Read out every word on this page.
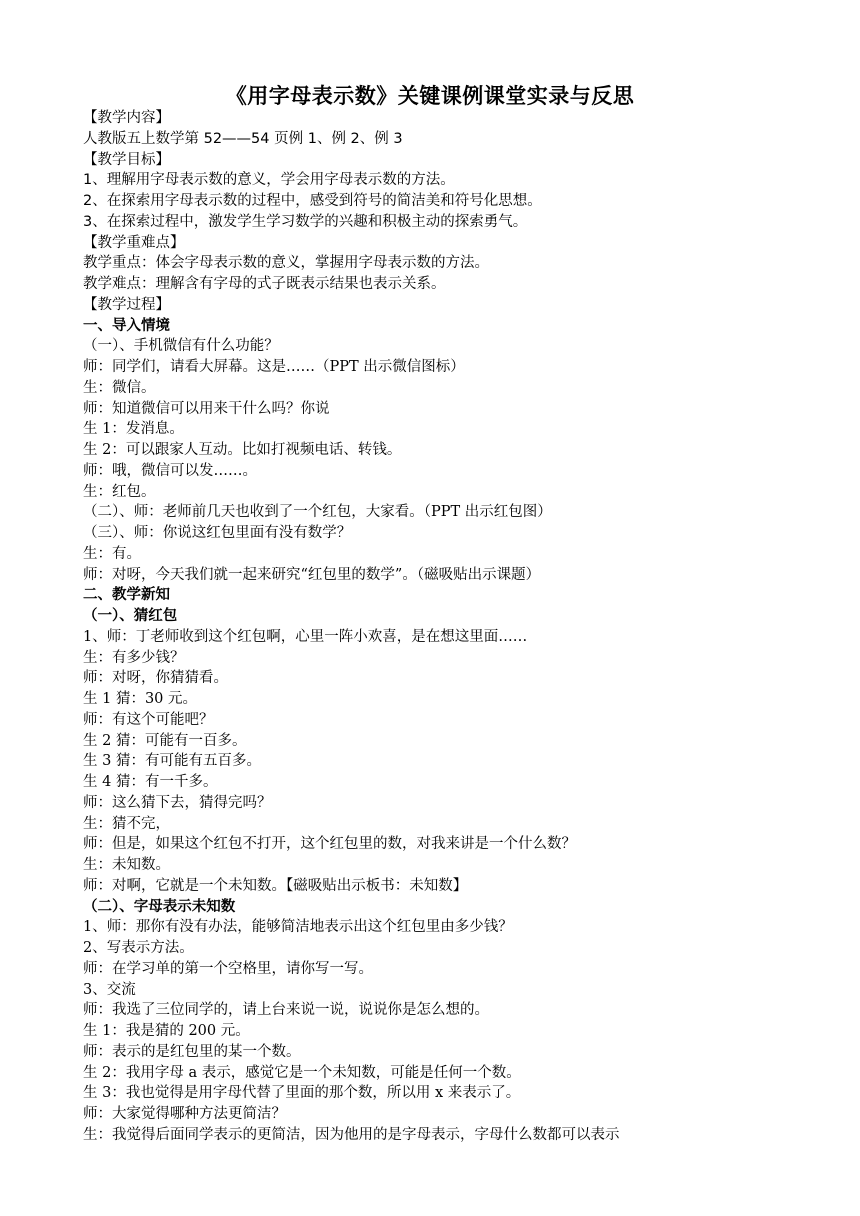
《用字母表示数》关键课例课堂实录与反思
【教学内容】
人教版五上数学第 52——54 页例 1、例 2、例 3
【教学目标】
1、理解用字母表示数的意义，学会用字母表示数的方法。
2、在探索用字母表示数的过程中，感受到符号的简洁美和符号化思想。
3、在探索过程中，激发学生学习数学的兴趣和积极主动的探索勇气。
【教学重难点】
教学重点：体会字母表示数的意义，掌握用字母表示数的方法。
教学难点：理解含有字母的式子既表示结果也表示关系。
【教学过程】
一、导入情境
（一）、手机微信有什么功能？
师：同学们，请看大屏幕。这是……（PPT 出示微信图标）
生：微信。
师：知道微信可以用来干什么吗？你说
生 1：发消息。
生 2：可以跟家人互动。比如打视频电话、转钱。
师：哦，微信可以发……。
生：红包。
（二）、师：老师前几天也收到了一个红包，大家看。（PPT 出示红包图）
（三）、师：你说这红包里面有没有数学？
生：有。
师：对呀，今天我们就一起来研究“红包里的数学”。（磁吸贴出示课题）
二、教学新知
（一）、猜红包
1、师：丁老师收到这个红包啊，心里一阵小欢喜，是在想这里面……
生：有多少钱？
师：对呀，你猜猜看。
生 1 猜：30 元。
师：有这个可能吧？
生 2 猜：可能有一百多。
生 3 猜：有可能有五百多。
生 4 猜：有一千多。
师：这么猜下去，猜得完吗？
生：猜不完，
师：但是，如果这个红包不打开，这个红包里的数，对我来讲是一个什么数？
生：未知数。
师：对啊，它就是一个未知数。【磁吸贴出示板书：未知数】
（二）、字母表示未知数
1、师：那你有没有办法，能够简洁地表示出这个红包里由多少钱？
2、写表示方法。
师：在学习单的第一个空格里，请你写一写。
3、交流
师：我选了三位同学的，请上台来说一说，说说你是怎么想的。
生 1：我是猜的 200 元。
师：表示的是红包里的某一个数。
生 2：我用字母 a 表示，感觉它是一个未知数，可能是任何一个数。
生 3：我也觉得是用字母代替了里面的那个数，所以用 x 来表示了。
师：大家觉得哪种方法更简洁？
生：我觉得后面同学表示的更简洁，因为他用的是字母表示，字母什么数都可以表示
